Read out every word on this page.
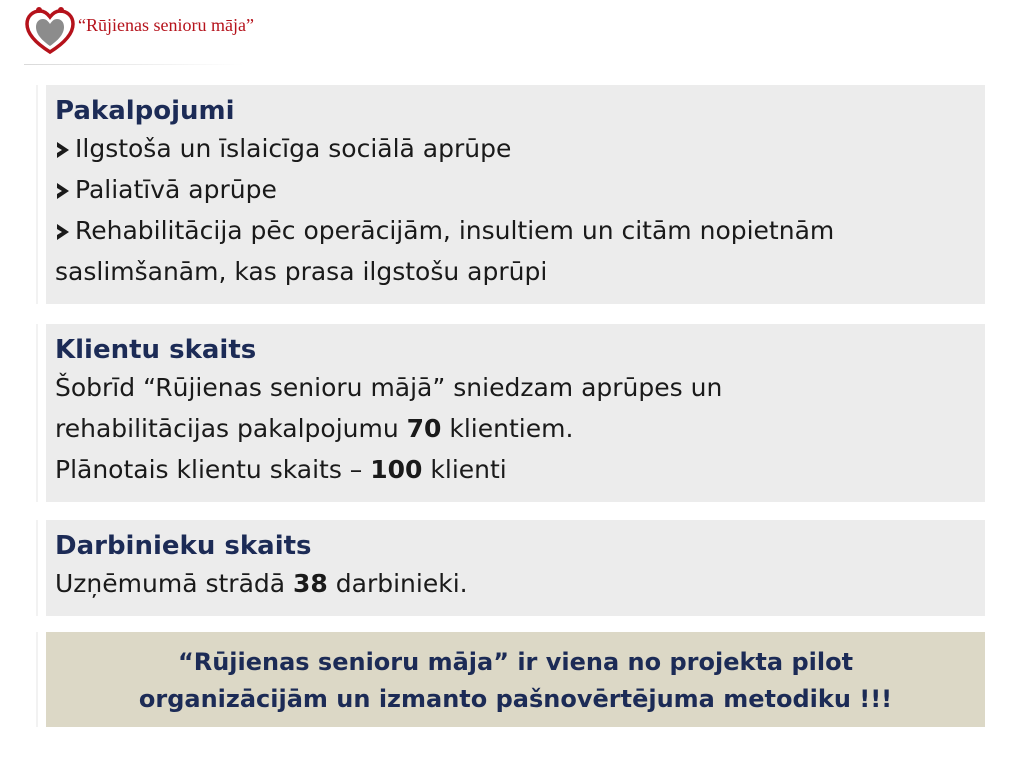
“Rūjienas senioru māja”
Pakalpojumi
Ilgstoša un īslaicīga sociālā aprūpe
Paliatīvā aprūpe
Rehabilitācija pēc operācijām, insultiem un citām nopietnām
saslimšanām, kas prasa ilgstošu aprūpi
Klientu skaits
Šobrīd “Rūjienas senioru mājā” sniedzam aprūpes un
rehabilitācijas pakalpojumu 70 klientiem.
Plānotais klientu skaits – 100 klienti
Darbinieku skaits
Uzņēmumā strādā 38 darbinieki.
“Rūjienas senioru māja” ir viena no projekta pilot
organizācijām un izmanto pašnovērtējuma metodiku !!!
